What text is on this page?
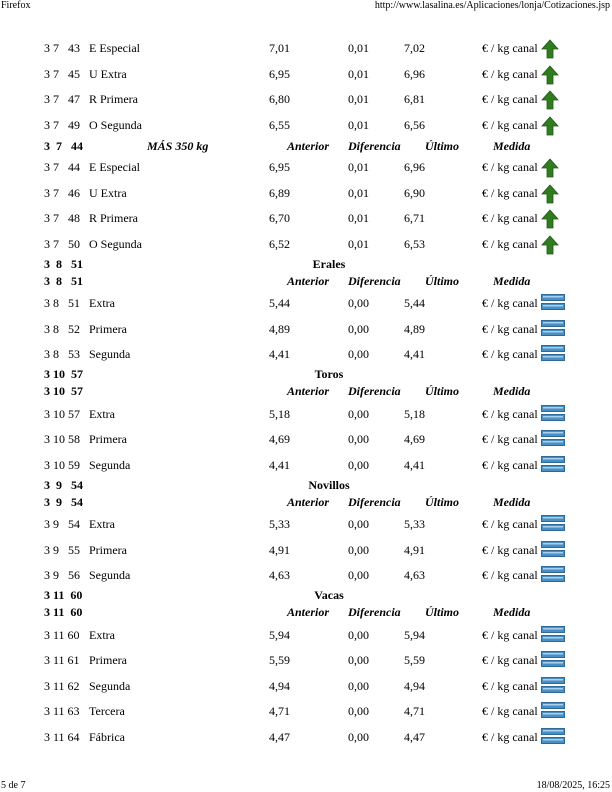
Firefox	http://www.lasalina.es/Aplicaciones/lonja/Cotizaciones.jsp
3 7   43 E Especial	7,01	0,01	7,02	€ / kg canal
3 7   45 U Extra	6,95	0,01	6,96	€ / kg canal
3 7   47 R Primera	6,80	0,01	6,81	€ / kg canal
3 7   49 O Segunda	6,55	0,01	6,56	€ / kg canal
3  7   44	MÁS 350 kg	Anterior Diferencia Último	Medida
3 7   44 E Especial	6,95	0,01	6,96	€ / kg canal
3 7   46 U Extra	6,89	0,01	6,90	€ / kg canal
3 7   48 R Primera	6,70	0,01	6,71	€ / kg canal
3 7   50 O Segunda	6,52	0,01	6,53	€ / kg canal
3  8   51	Erales
3  8   51	Anterior Diferencia Último	Medida
3 8   51 Extra	5,44	0,00	5,44	€ / kg canal
3 8   52 Primera	4,89	0,00	4,89	€ / kg canal
3 8   53 Segunda	4,41	0,00	4,41	€ / kg canal
3 10  57	Toros
3 10  57	Anterior Diferencia Último	Medida
3 10 57 Extra	5,18	0,00	5,18	€ / kg canal
3 10 58 Primera	4,69	0,00	4,69	€ / kg canal
3 10 59 Segunda	4,41	0,00	4,41	€ / kg canal
3  9   54	Novillos
3  9   54	Anterior Diferencia Último	Medida
3 9   54 Extra	5,33	0,00	5,33	€ / kg canal
3 9   55 Primera	4,91	0,00	4,91	€ / kg canal
3 9   56 Segunda	4,63	0,00	4,63	€ / kg canal
3 11  60	Vacas
3 11  60	Anterior Diferencia Último	Medida
3 11 60 Extra	5,94	0,00	5,94	€ / kg canal
3 11 61 Primera	5,59	0,00	5,59	€ / kg canal
3 11 62 Segunda	4,94	0,00	4,94	€ / kg canal
3 11 63 Tercera	4,71	0,00	4,71	€ / kg canal
3 11 64 Fábrica	4,47	0,00	4,47	€ / kg canal
5 de 7	18/08/2025, 16:25
